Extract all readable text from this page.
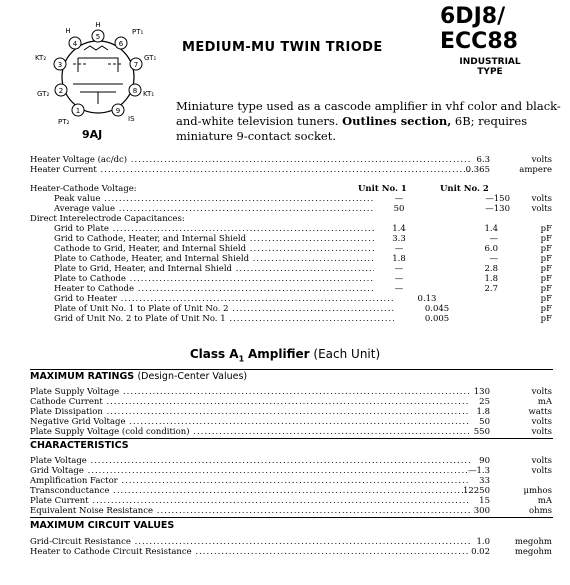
5
4	6
7
8
9
1
2
3
H
H	PT₁
GT₁
KT₁
IS
PT₂
GT₂
KT₂
9AJ
MEDIUM-MU TWIN TRIODE
6DJ8/
ECC88
INDUSTRIAL
TYPE
Miniature type used as a cascode amplifier in vhf color and black-and-white television tuners. Outlines section, 6B; requires miniature 9-contact socket.
Heater Voltage (ac/dc) .....	6.3	volts
Heater Current .....	0.365	ampere
Unit No. 1	Unit No. 2
Heater-Cathode Voltage:
Peak value .....	—	—150	volts
Average value .....	50	—130	volts
Direct Interelectrode Capacitances:
Grid to Plate .....	1.4	1.4	pF
Grid to Cathode, Heater, and Internal Shield .....	3.3	—	pF
Cathode to Grid, Heater, and Internal Shield .....	—	6.0	pF
Plate to Cathode, Heater, and Internal Shield .....	1.8	—	pF
Plate to Grid, Heater, and Internal Shield .....	—	2.8	pF
Plate to Cathode .....	—	1.8	pF
Heater to Cathode .....	—	2.7	pF
Grid to Heater .....	0.13	pF
Plate of Unit No. 1 to Plate of Unit No. 2 .....	0.045	pF
Grid of Unit No. 2 to Plate of Unit No. 1 .....	0.005	pF
Class $A_1$ Amplifier (Each Unit)
MAXIMUM RATINGS (Design-Center Values)
Plate Supply Voltage .....	130	volts
Cathode Current .....	25	mA
Plate Dissipation .....	1.8	watts
Negative Grid Voltage .....	50	volts
Plate Supply Voltage (cold condition) .....	550	volts
CHARACTERISTICS
Plate Voltage .....	90	volts
Grid Voltage .....	—1.3	volts
Amplification Factor .....	33
Transconductance .....	12250	μmhos
Plate Current .....	15	mA
Equivalent Noise Resistance .....	300	ohms
MAXIMUM CIRCUIT VALUES
Grid-Circuit Resistance .....	1.0	megohm
Heater to Cathode Circuit Resistance .....	0.02	megohm
